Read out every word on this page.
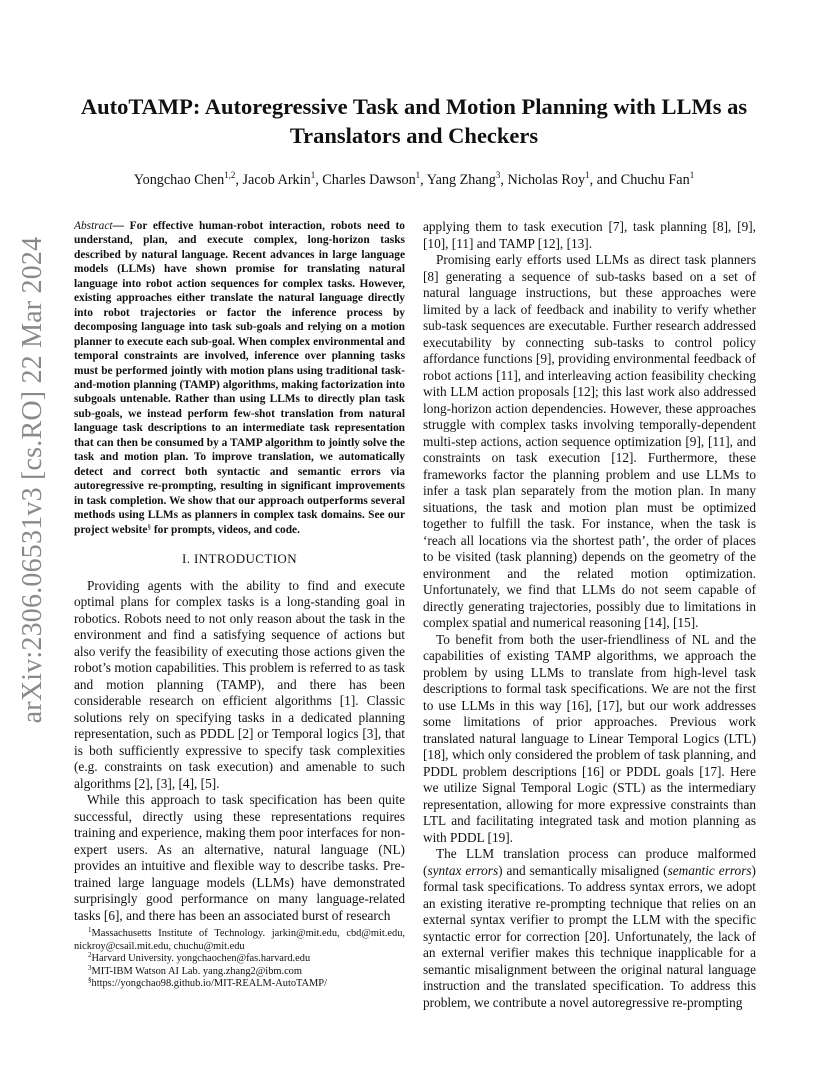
arXiv:2306.06531v3 [cs.RO] 22 Mar 2024
AutoTAMP: Autoregressive Task and Motion Planning with LLMs as Translators and Checkers
Yongchao Chen$^{1,2}$, Jacob Arkin$^1$, Charles Dawson$^1$, Yang Zhang$^3$, Nicholas Roy$^1$, and Chuchu Fan$^1$

Abstract— For effective human-robot interaction, robots need to understand, plan, and execute complex, long-horizon tasks described by natural language. Recent advances in large language models (LLMs) have shown promise for translating natural language into robot action sequences for complex tasks. However, existing approaches either translate the natural language directly into robot trajectories or factor the inference process by decomposing language into task sub-goals and relying on a motion planner to execute each sub-goal. When complex environmental and temporal constraints are involved, inference over planning tasks must be performed jointly with motion plans using traditional task-and-motion planning (TAMP) algorithms, making factorization into subgoals untenable. Rather than using LLMs to directly plan task sub-goals, we instead perform few-shot translation from natural language task descriptions to an intermediate task representation that can then be consumed by a TAMP algorithm to jointly solve the task and motion plan. To improve translation, we automatically detect and correct both syntactic and semantic errors via autoregressive re-prompting, resulting in significant improvements in task completion. We show that our approach outperforms several methods using LLMs as planners in complex task domains. See our project website§ for prompts, videos, and code.

I. INTRODUCTION

Providing agents with the ability to find and execute optimal plans for complex tasks is a long-standing goal in robotics. Robots need to not only reason about the task in the environment and find a satisfying sequence of actions but also verify the feasibility of executing those actions given the robot’s motion capabilities. This problem is referred to as task and motion planning (TAMP), and there has been considerable research on efficient algorithms [1]. Classic solutions rely on specifying tasks in a dedicated planning representation, such as PDDL [2] or Temporal logics [3], that is both sufficiently expressive to specify task complexities (e.g. constraints on task execution) and amenable to such algorithms [2], [3], [4], [5].

While this approach to task specification has been quite successful, directly using these representations requires training and experience, making them poor interfaces for non-expert users. As an alternative, natural language (NL) provides an intuitive and flexible way to describe tasks. Pre-trained large language models (LLMs) have demonstrated surprisingly good performance on many language-related tasks [6], and there has been an associated burst of research

$^1$Massachusetts Institute of Technology. jarkin@mit.edu, cbd@mit.edu, nickroy@csail.mit.edu, chuchu@mit.edu
$^2$Harvard University. yongchaochen@fas.harvard.edu
$^3$MIT-IBM Watson AI Lab. yang.zhang2@ibm.com
§https://yongchao98.github.io/MIT-REALM-AutoTAMP/

applying them to task execution [7], task planning [8], [9], [10], [11] and TAMP [12], [13].

Promising early efforts used LLMs as direct task planners [8] generating a sequence of sub-tasks based on a set of natural language instructions, but these approaches were limited by a lack of feedback and inability to verify whether sub-task sequences are executable. Further research addressed executability by connecting sub-tasks to control policy affordance functions [9], providing environmental feedback of robot actions [11], and interleaving action feasibility checking with LLM action proposals [12]; this last work also addressed long-horizon action dependencies. However, these approaches struggle with complex tasks involving temporally-dependent multi-step actions, action sequence optimization [9], [11], and constraints on task execution [12]. Furthermore, these frameworks factor the planning problem and use LLMs to infer a task plan separately from the motion plan. In many situations, the task and motion plan must be optimized together to fulfill the task. For instance, when the task is ‘reach all locations via the shortest path’, the order of places to be visited (task planning) depends on the geometry of the environment and the related motion optimization. Unfortunately, we find that LLMs do not seem capable of directly generating trajectories, possibly due to limitations in complex spatial and numerical reasoning [14], [15].

To benefit from both the user-friendliness of NL and the capabilities of existing TAMP algorithms, we approach the problem by using LLMs to translate from high-level task descriptions to formal task specifications. We are not the first to use LLMs in this way [16], [17], but our work addresses some limitations of prior approaches. Previous work translated natural language to Linear Temporal Logics (LTL) [18], which only considered the problem of task planning, and PDDL problem descriptions [16] or PDDL goals [17]. Here we utilize Signal Temporal Logic (STL) as the intermediary representation, allowing for more expressive constraints than LTL and facilitating integrated task and motion planning as with PDDL [19].

The LLM translation process can produce malformed (syntax errors) and semantically misaligned (semantic errors) formal task specifications. To address syntax errors, we adopt an existing iterative re-prompting technique that relies on an external syntax verifier to prompt the LLM with the specific syntactic error for correction [20]. Unfortunately, the lack of an external verifier makes this technique inapplicable for a semantic misalignment between the original natural language instruction and the translated specification. To address this problem, we contribute a novel autoregressive re-prompting
